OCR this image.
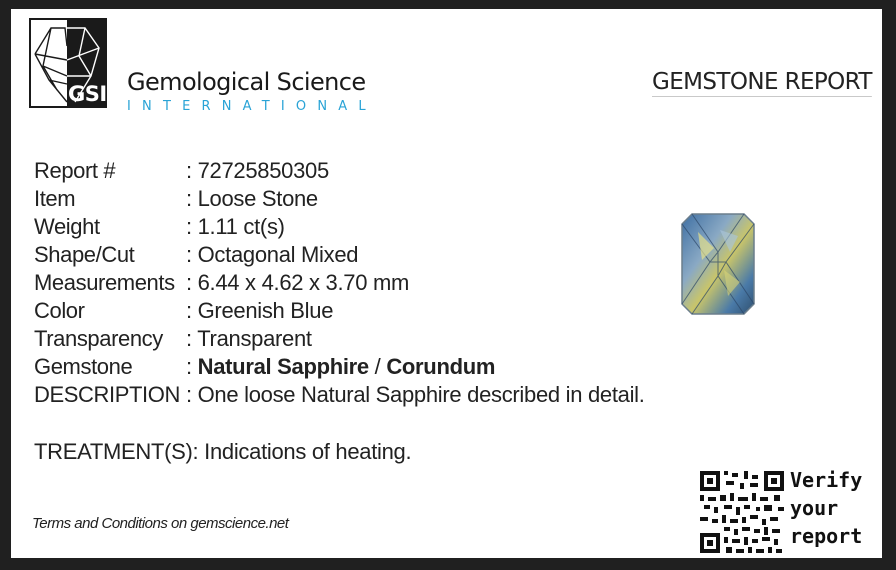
GSI Gemological Science
INTERNATIONAL
GEMSTONE REPORT
Report #	: 72725850305
Item	: Loose Stone
Weight	: 1.11 ct(s)
Shape/Cut	: Octagonal Mixed
Measurements : 6.44 x 4.62 x 3.70 mm
Color	: Greenish Blue
Transparency	: Transparent
Gemstone	: Natural Sapphire / Corundum
DESCRIPTION : One loose Natural Sapphire described in detail.
TREATMENT(S): Indications of heating.
Terms and Conditions on gemscience.net
Verify
your
report
